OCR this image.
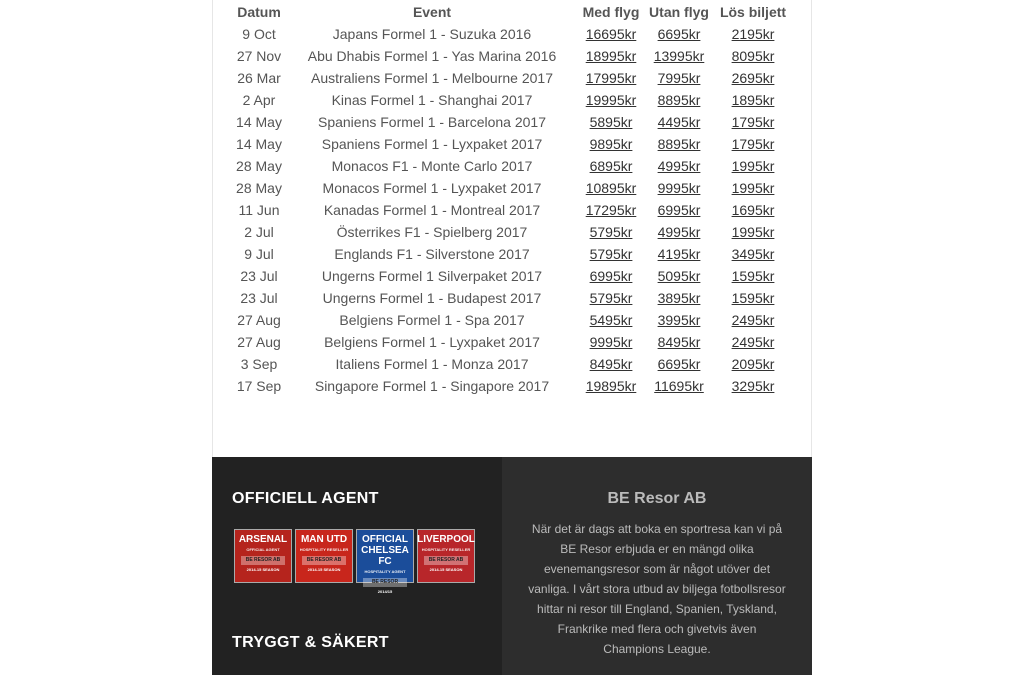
Datum	Event	Med flyg	Utan flyg	Lös biljett
9 Oct	Japans Formel 1 - Suzuka 2016	16695kr	6695kr	2195kr
27 Nov	Abu Dhabis Formel 1 - Yas Marina 2016	18995kr	13995kr	8095kr
26 Mar	Australiens Formel 1 - Melbourne 2017	17995kr	7995kr	2695kr
2 Apr	Kinas Formel 1 - Shanghai 2017	19995kr	8895kr	1895kr
14 May	Spaniens Formel 1 - Barcelona 2017	5895kr	4495kr	1795kr
14 May	Spaniens Formel 1 - Lyxpaket 2017	9895kr	8895kr	1795kr
28 May	Monacos F1 - Monte Carlo 2017	6895kr	4995kr	1995kr
28 May	Monacos Formel 1 - Lyxpaket 2017	10895kr	9995kr	1995kr
11 Jun	Kanadas Formel 1 - Montreal 2017	17295kr	6995kr	1695kr
2 Jul	Österrikes F1 - Spielberg 2017	5795kr	4995kr	1995kr
9 Jul	Englands F1 - Silverstone 2017	5795kr	4195kr	3495kr
23 Jul	Ungerns Formel 1 Silverpaket 2017	6995kr	5095kr	1595kr
23 Jul	Ungerns Formel 1 - Budapest 2017	5795kr	3895kr	1595kr
27 Aug	Belgiens Formel 1 - Spa 2017	5495kr	3995kr	2495kr
27 Aug	Belgiens Formel 1 - Lyxpaket 2017	9995kr	8495kr	2495kr
3 Sep	Italiens Formel 1 - Monza 2017	8495kr	6695kr	2095kr
17 Sep	Singapore Formel 1 - Singapore 2017	19895kr	11695kr	3295kr
OFFICIELL AGENT
ARSENAL
OFFICIAL AGENT
BE RESOR AB
2014-15 SEASON
MAN UTD
HOSPITALITY RESELLER
BE RESOR AB
2014-15 SEASON
OFFICIAL CHELSEA FC
HOSPITALITY AGENT
BE RESOR
2014/15
LIVERPOOL
HOSPITALITY RESELLER
BE RESOR AB
2014-15 SEASON
TRYGGT & SÄKERT
BE Resor AB
När det är dags att boka en sportresa kan vi på BE Resor erbjuda er en mängd olika evenemangsresor som är något utöver det vanliga. I vårt stora utbud av biljega fotbollsresor hittar ni resor till England, Spanien, Tyskland, Frankrike med flera och givetvis även Champions League.
